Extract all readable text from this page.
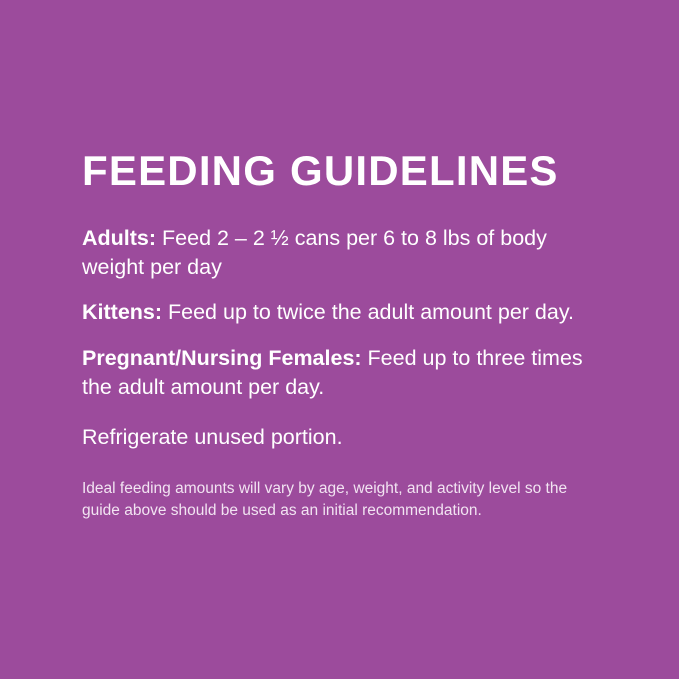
FEEDING GUIDELINES

Adults: Feed 2 – 2 ½ cans per 6 to 8 lbs of body weight per day

Kittens: Feed up to twice the adult amount per day.

Pregnant/Nursing Females: Feed up to three times the adult amount per day.

Refrigerate unused portion.

Ideal feeding amounts will vary by age, weight, and activity level so the guide above should be used as an initial recommendation.
